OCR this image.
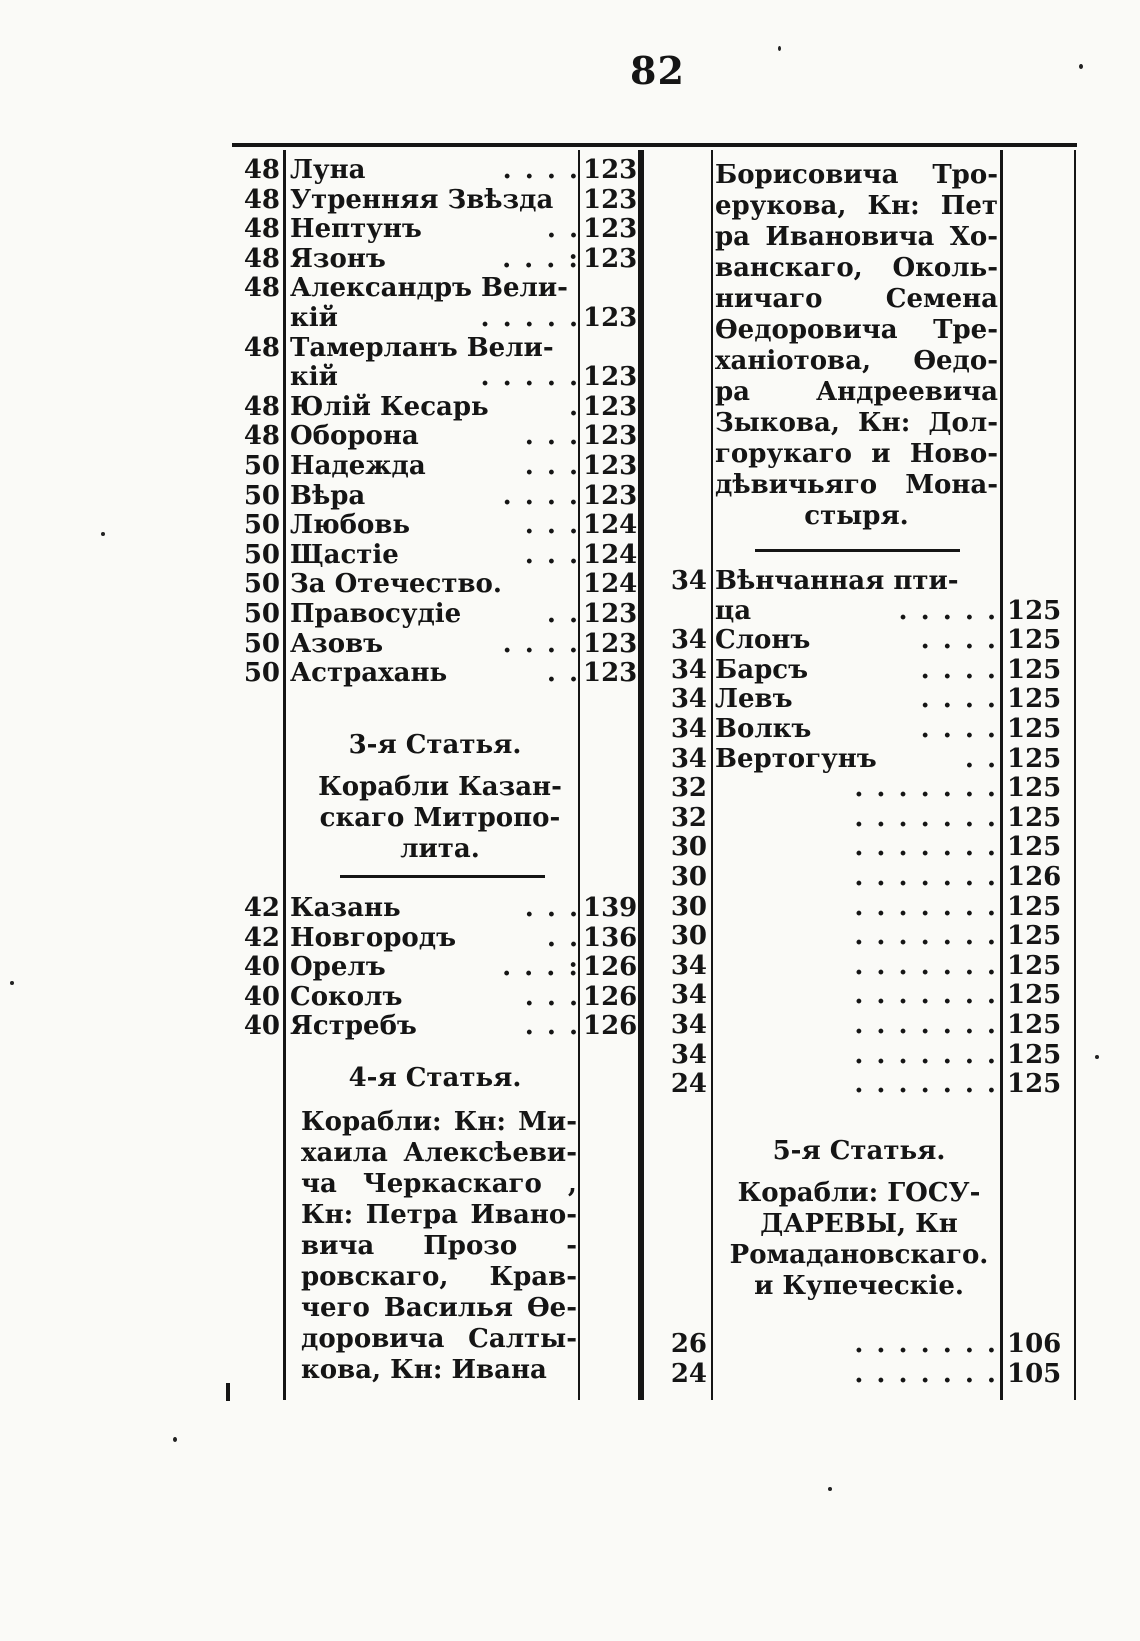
82
48 Луна	. . . . 123
48 Утренняя Звѣзда	123
48 Нептунъ	. . 123
48 Язонъ	. . . : 123
48 Александръ Вели-
кій	. . . . . 123
48 Тамерланъ Вели-
кій	. . . . . 123
48 Юлій Кесарь	. 123
48 Оборона	. . . 123
50 Надежда	. . . 123
50 Вѣра	. . . . 123
50 Любовь	. . . 124
50 Щастіе	. . . 124
50 За Отечество.	124
50 Правосудіе	. . 123
50 Азовъ	. . . . 123
50 Астрахань	. . 123
3-я Статья.
Корабли Казан-
скаго Митропо-
лита.
42 Казань	. . . 139
42 Новгородъ	. . 136
40 Орелъ	. . . : 126
40 Соколъ	. . . 126
40 Ястребъ	. . . 126
4-я Статья.
Корабли: Кн: Ми-
хаила Алексѣеви-
ча Черкаскаго ,
Кн: Петра Ивано-
вича Прозо -
ровскаго, Крав-
чего Василья Ѳе-
доровича Салты-
кова, Кн: Ивана
Борисовича Тро-
ерукова, Кн: Пет
ра Ивановича Хо-
ванскаго, Околь-
ничаго Семена
Ѳедоровича Тре-
ханіотова, Ѳедо-
ра Андреевича
Зыкова, Кн: Дол-
горукаго и Ново-
дѣвичьяго Мона-
стыря.
34 Вѣнчанная пти-
ца	. . . . . 125
34 Слонъ	. . . . 125
34 Барсъ	. . . . 125
34 Левъ	. . . . 125
34 Волкъ	. . . . 125
34 Вертогунъ	. . 125
32	. . . . . . . 125
32	. . . . . . . 125
30	. . . . . . . 125
30	. . . . . . . 126
30	. . . . . . . 125
30	. . . . . . . 125
34	. . . . . . . 125
34	. . . . . . . 125
34	. . . . . . . 125
34	. . . . . . . 125
24	. . . . . . . 125
5-я Статья.
Корабли: ГОСУ-
ДАРЕВЫ, Кн
Ромадановскаго.
и Купеческіе.
26	. . . . . . . 106
24	. . . . . . . 105
